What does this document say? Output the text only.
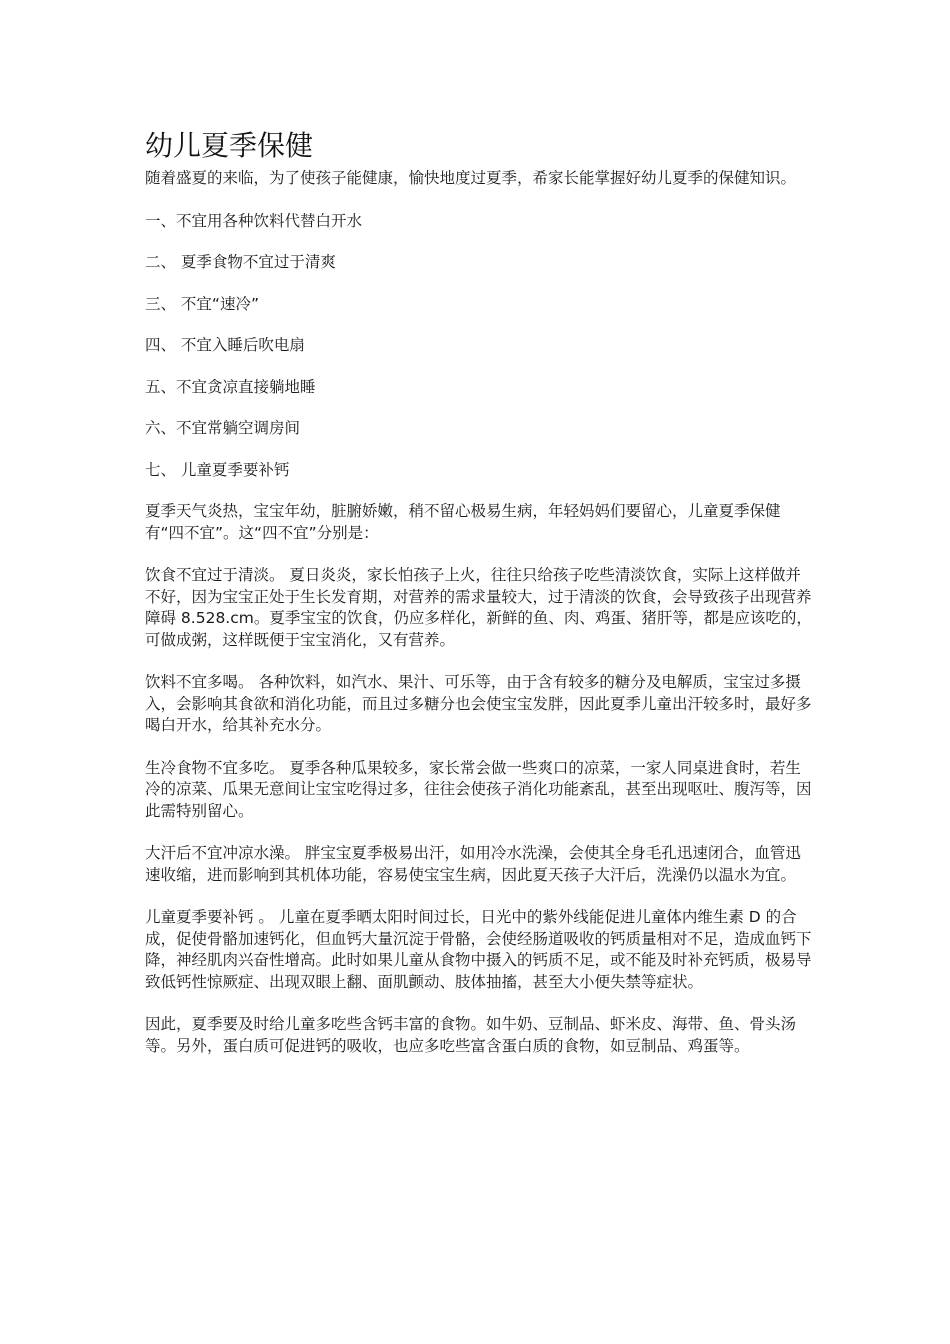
幼儿夏季保健

随着盛夏的来临，为了使孩子能健康，愉快地度过夏季，希家长能掌握好幼儿夏季的保健知识。

一、不宜用各种饮料代替白开水

二、 夏季食物不宜过于清爽

三、 不宜“速冷”

四、 不宜入睡后吹电扇

五、不宜贪凉直接躺地睡

六、不宜常躺空调房间

七、 儿童夏季要补钙

夏季天气炎热，宝宝年幼，脏腑娇嫩，稍不留心极易生病，年轻妈妈们要留心，儿童夏季保健有“四不宜”。这“四不宜”分别是：

饮食不宜过于清淡。 夏日炎炎，家长怕孩子上火，往往只给孩子吃些清淡饮食，实际上这样做并不好，因为宝宝正处于生长发育期，对营养的需求量较大，过于清淡的饮食，会导致孩子出现营养障碍 8.528.cm。夏季宝宝的饮食，仍应多样化，新鲜的鱼、肉、鸡蛋、猪肝等，都是应该吃的，可做成粥，这样既便于宝宝消化，又有营养。

饮料不宜多喝。 各种饮料，如汽水、果汁、可乐等，由于含有较多的糖分及电解质，宝宝过多摄入，会影响其食欲和消化功能，而且过多糖分也会使宝宝发胖，因此夏季儿童出汗较多时，最好多喝白开水，给其补充水分。

生冷食物不宜多吃。 夏季各种瓜果较多，家长常会做一些爽口的凉菜，一家人同桌进食时，若生冷的凉菜、瓜果无意间让宝宝吃得过多，往往会使孩子消化功能紊乱，甚至出现呕吐、腹泻等，因此需特别留心。

大汗后不宜冲凉水澡。 胖宝宝夏季极易出汗，如用冷水洗澡，会使其全身毛孔迅速闭合，血管迅速收缩，进而影响到其机体功能，容易使宝宝生病，因此夏天孩子大汗后，洗澡仍以温水为宜。

儿童夏季要补钙 。 儿童在夏季晒太阳时间过长，日光中的紫外线能促进儿童体内维生素 D 的合成，促使骨骼加速钙化，但血钙大量沉淀于骨骼，会使经肠道吸收的钙质量相对不足，造成血钙下降，神经肌肉兴奋性增高。此时如果儿童从食物中摄入的钙质不足，或不能及时补充钙质，极易导致低钙性惊厥症、出现双眼上翻、面肌颤动、肢体抽搐，甚至大小便失禁等症状。

因此，夏季要及时给儿童多吃些含钙丰富的食物。如牛奶、豆制品、虾米皮、海带、鱼、骨头汤等。另外，蛋白质可促进钙的吸收，也应多吃些富含蛋白质的食物，如豆制品、鸡蛋等。
